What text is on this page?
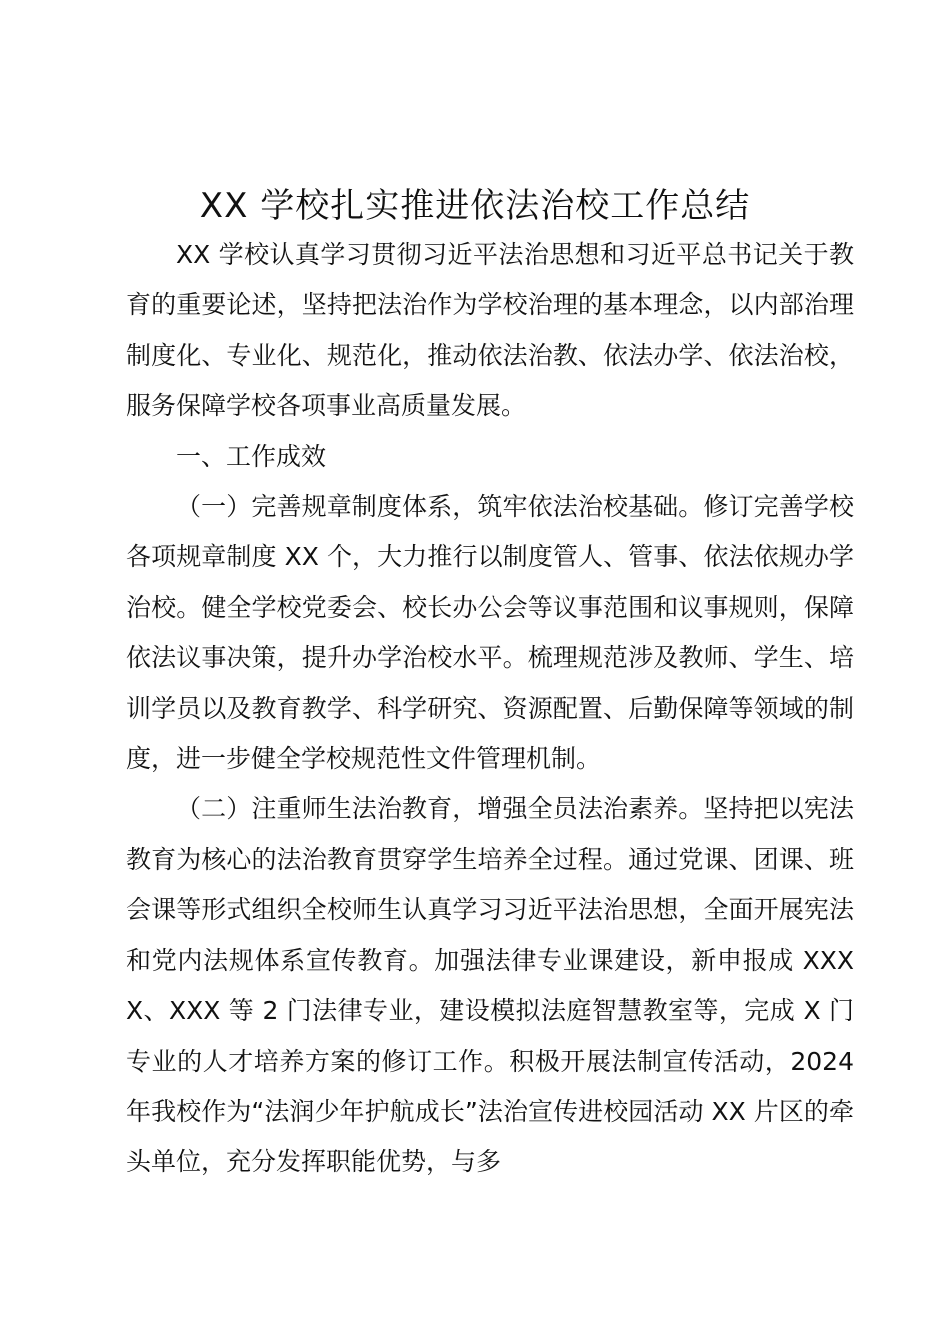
XX 学校扎实推进依法治校工作总结

XX 学校认真学习贯彻习近平法治思想和习近平总书记关于教育的重要论述，坚持把法治作为学校治理的基本理念，以内部治理制度化、专业化、规范化，推动依法治教、依法办学、依法治校，服务保障学校各项事业高质量发展。

一、工作成效

（一）完善规章制度体系，筑牢依法治校基础。修订完善学校各项规章制度 XX 个，大力推行以制度管人、管事、依法依规办学治校。健全学校党委会、校长办公会等议事范围和议事规则，保障依法议事决策，提升办学治校水平。梳理规范涉及教师、学生、培训学员以及教育教学、科学研究、资源配置、后勤保障等领域的制度，进一步健全学校规范性文件管理机制。

（二）注重师生法治教育，增强全员法治素养。坚持把以宪法教育为核心的法治教育贯穿学生培养全过程。通过党课、团课、班会课等形式组织全校师生认真学习习近平法治思想，全面开展宪法和党内法规体系宣传教育。加强法律专业课建设，新申报成 XXXX、XXX 等 2 门法律专业，建设模拟法庭智慧教室等，完成 X 门专业的人才培养方案的修订工作。积极开展法制宣传活动，2024 年我校作为“法润少年护航成长”法治宣传进校园活动 XX 片区的牵头单位，充分发挥职能优势，与多
